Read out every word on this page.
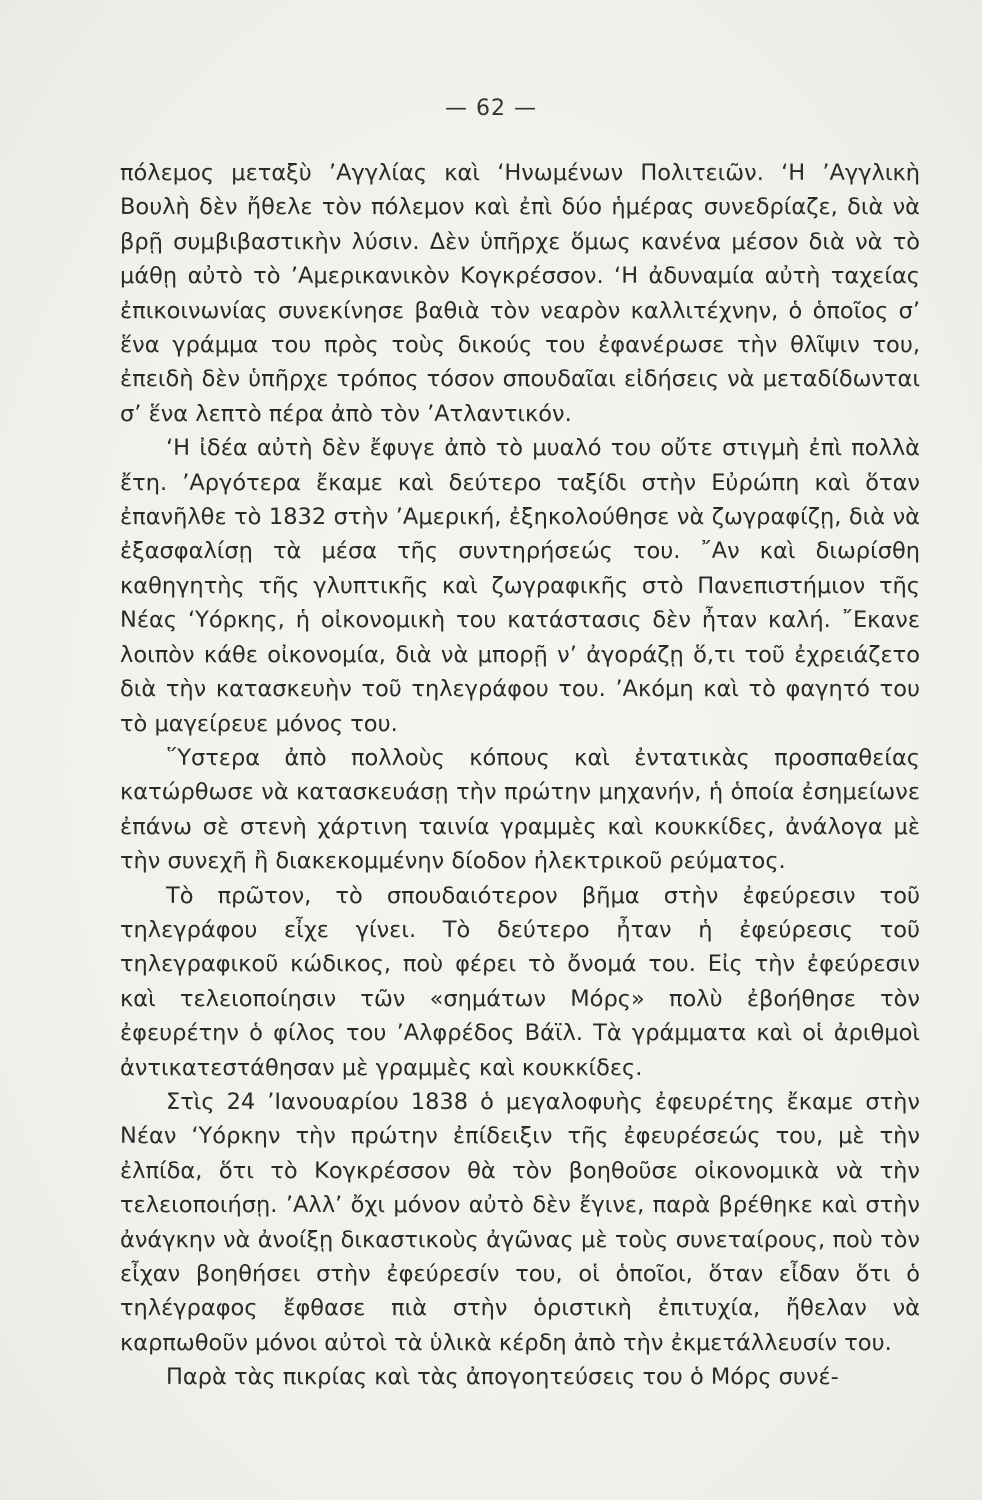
— 62 —

πόλεμος μεταξὺ ’Αγγλίας καὶ ‘Ηνωμένων Πολιτειῶν. ‘Η ’Αγγλικὴ Βουλὴ δὲν ἤθελε τὸν πόλεμον καὶ ἐπὶ δύο ἡμέρας συνεδρίαζε, διὰ νὰ βρῇ συμβιβαστικὴν λύσιν. Δὲν ὑπῆρχε ὅμως κανένα μέσον διὰ νὰ τὸ μάθῃ αὐτὸ τὸ ’Αμερικανικὸν Κογκρέσσον. ‘Η ἀδυναμία αὐτὴ ταχείας ἐπικοινωνίας συνεκίνησε βαθιὰ τὸν νεαρὸν καλλιτέχνην, ὁ ὁποῖος σ’ ἕνα γράμμα του πρὸς τοὺς δικούς του ἐφανέρωσε τὴν θλῖψιν του, ἐπειδὴ δὲν ὑπῆρχε τρόπος τόσον σπουδαῖαι εἰδήσεις νὰ μεταδίδωνται σ’ ἕνα λεπτὸ πέρα ἀπὸ τὸν ’Ατλαντικόν.

‘Η ἰδέα αὐτὴ δὲν ἔφυγε ἀπὸ τὸ μυαλό του οὔτε στιγμὴ ἐπὶ πολλὰ ἔτη. ’Αργότερα ἔκαμε καὶ δεύτερο ταξίδι στὴν Εὐρώπη καὶ ὅταν ἐπανῆλθε τὸ 1832 στὴν ’Αμερική, ἐξηκολούθησε νὰ ζωγραφίζῃ, διὰ νὰ ἐξασφαλίσῃ τὰ μέσα τῆς συντηρήσεώς του. ῎Αν καὶ διωρίσθη καθηγητὴς τῆς γλυπτικῆς καὶ ζωγραφικῆς στὸ Πανεπιστήμιον τῆς Νέας ‘Υόρκης, ἡ οἰκονομικὴ του κατάστασις δὲν ἦταν καλή. ῎Εκανε λοιπὸν κάθε οἰκονομία, διὰ νὰ μπορῇ ν’ ἀγοράζῃ ὅ,τι τοῦ ἐχρειάζετο διὰ τὴν κατασκευὴν τοῦ τηλεγράφου του. ’Ακόμη καὶ τὸ φαγητό του τὸ μαγείρευε μόνος του.

῞Υστερα ἀπὸ πολλοὺς κόπους καὶ ἐντατικὰς προσπαθείας κατώρθωσε νὰ κατασκευάσῃ τὴν πρώτην μηχανήν, ἡ ὁποία ἐσημείωνε ἐπάνω σὲ στενὴ χάρτινη ταινία γραμμὲς καὶ κουκκίδες, ἀνάλογα μὲ τὴν συνεχῆ ἢ διακεκομμένην δίοδον ἠλεκτρικοῦ ρεύματος.

Τὸ πρῶτον, τὸ σπουδαιότερον βῆμα στὴν ἐφεύρεσιν τοῦ τηλεγράφου εἶχε γίνει. Τὸ δεύτερο ἦταν ἡ ἐφεύρεσις τοῦ τηλεγραφικοῦ κώδικος, ποὺ φέρει τὸ ὄνομά του. Εἰς τὴν ἐφεύρεσιν καὶ τελειοποίησιν τῶν «σημάτων Μόρς» πολὺ ἐβοήθησε τὸν ἐφευρέτην ὁ φίλος του ’Αλφρέδος Βάϊλ. Τὰ γράμματα καὶ οἱ ἀριθμοὶ ἀντικατεστάθησαν μὲ γραμμὲς καὶ κουκκίδες.

Στὶς 24 ’Ιανουαρίου 1838 ὁ μεγαλοφυὴς ἐφευρέτης ἔκαμε στὴν Νέαν ‘Υόρκην τὴν πρώτην ἐπίδειξιν τῆς ἐφευρέσεώς του, μὲ τὴν ἐλπίδα, ὅτι τὸ Κογκρέσσον θὰ τὸν βοηθοῦσε οἰκονομικὰ νὰ τὴν τελειοποιήσῃ. ’Αλλ’ ὄχι μόνον αὐτὸ δὲν ἔγινε, παρὰ βρέθηκε καὶ στὴν ἀνάγκην νὰ ἀνοίξῃ δικαστικοὺς ἀγῶνας μὲ τοὺς συνεταίρους, ποὺ τὸν εἶχαν βοηθήσει στὴν ἐφεύρεσίν του, οἱ ὁποῖοι, ὅταν εἶδαν ὅτι ὁ τηλέγραφος ἔφθασε πιὰ στὴν ὁριστικὴ ἐπιτυχία, ἤθελαν νὰ καρπωθοῦν μόνοι αὐτοὶ τὰ ὑλικὰ κέρδη ἀπὸ τὴν ἐκμετάλλευσίν του.

Παρὰ τὰς πικρίας καὶ τὰς ἀπογοητεύσεις του ὁ Μόρς συνέ-
